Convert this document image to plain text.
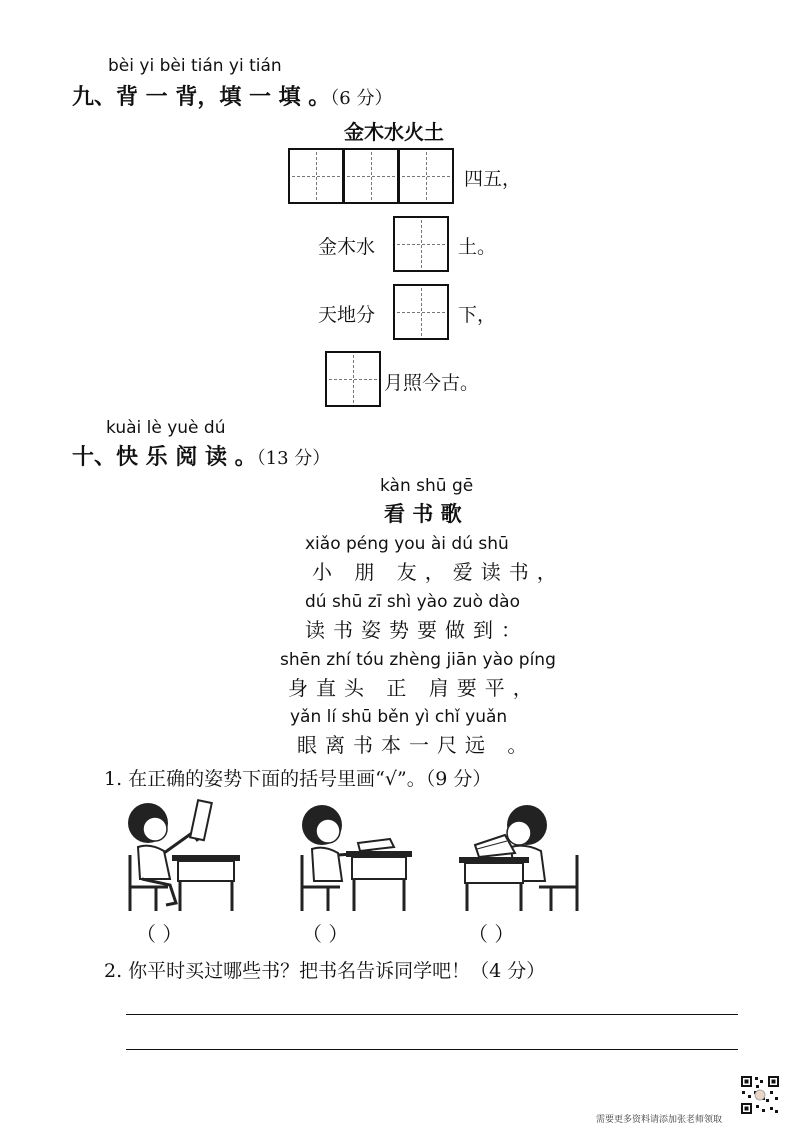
bèi yi bèi tián yi tián
九、背 一 背，填 一 填 。（6 分）
金木水火土
四五，
金木水	土。
天地分	下，
月照今古。
kuài lè yuè dú
十、快 乐 阅 读 。（13 分）
kàn shū gē
看 书 歌
xiǎo péng you ài dú shū
小 朋 友，爱读书，
dú shū zī shì yào zuò dào
读书姿势要做到：
shēn zhí tóu zhèng jiān yào píng
身直头 正 肩要平，
yǎn lí shū běn yì chǐ yuǎn
眼离书本一尺远 。
1. 在正确的姿势下面的括号里画“√”。（9 分）
（ ）	（ ）	（ ）
2. 你平时买过哪些书？把书名告诉同学吧！（4 分）
需要更多资料请添加张老师领取
